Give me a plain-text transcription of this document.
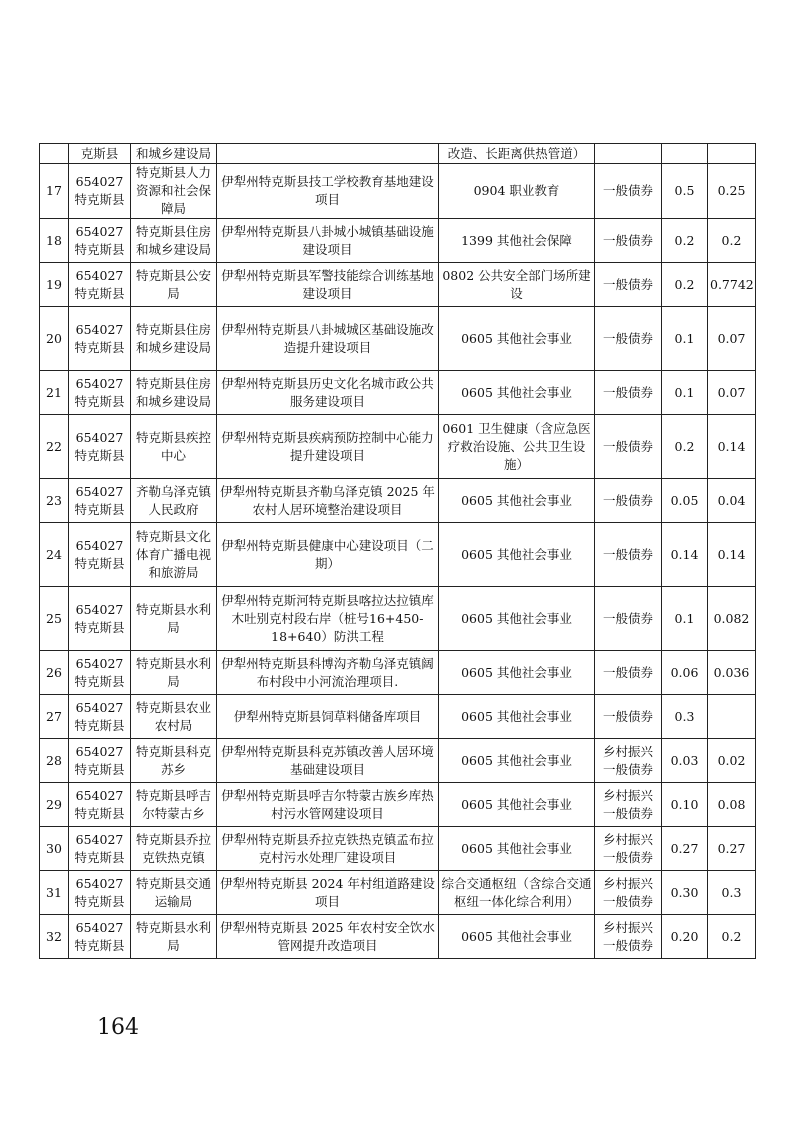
	克斯县	和城乡建设局		改造、长距离供热管道）			
17	654027 特克斯县	特克斯县人力资源和社会保障局	伊犁州特克斯县技工学校教育基地建设项目	0904 职业教育	一般债券	0.5	0.25
18	654027 特克斯县	特克斯县住房和城乡建设局	伊犁州特克斯县八卦城小城镇基础设施建设项目	1399 其他社会保障	一般债券	0.2	0.2
19	654027 特克斯县	特克斯县公安局	伊犁州特克斯县军警技能综合训练基地建设项目	0802 公共安全部门场所建设	一般债券	0.2	0.7742
20	654027 特克斯县	特克斯县住房和城乡建设局	伊犁州特克斯县八卦城城区基础设施改造提升建设项目	0605 其他社会事业	一般债券	0.1	0.07
21	654027 特克斯县	特克斯县住房和城乡建设局	伊犁州特克斯县历史文化名城市政公共服务建设项目	0605 其他社会事业	一般债券	0.1	0.07
22	654027 特克斯县	特克斯县疾控中心	伊犁州特克斯县疾病预防控制中心能力提升建设项目	0601 卫生健康（含应急医疗救治设施、公共卫生设施）	一般债券	0.2	0.14
23	654027 特克斯县	齐勒乌泽克镇人民政府	伊犁州特克斯县齐勒乌泽克镇 2025 年农村人居环境整治建设项目	0605 其他社会事业	一般债券	0.05	0.04
24	654027 特克斯县	特克斯县文化体育广播电视和旅游局	伊犁州特克斯县健康中心建设项目（二期）	0605 其他社会事业	一般债券	0.14	0.14
25	654027 特克斯县	特克斯县水利局	伊犁州特克斯河特克斯县喀拉达拉镇库木吐别克村段右岸（桩号16+450-18+640）防洪工程	0605 其他社会事业	一般债券	0.1	0.082
26	654027 特克斯县	特克斯县水利局	伊犁州特克斯县科博沟齐勒乌泽克镇阔布村段中小河流治理项目.	0605 其他社会事业	一般债券	0.06	0.036
27	654027 特克斯县	特克斯县农业农村局	伊犁州特克斯县饲草料储备库项目	0605 其他社会事业	一般债券	0.3	
28	654027 特克斯县	特克斯县科克苏乡	伊犁州特克斯县科克苏镇改善人居环境基础建设项目	0605 其他社会事业	乡村振兴一般债券	0.03	0.02
29	654027 特克斯县	特克斯县呼吉尔特蒙古乡	伊犁州特克斯县呼吉尔特蒙古族乡库热村污水管网建设项目	0605 其他社会事业	乡村振兴一般债券	0.10	0.08
30	654027 特克斯县	特克斯县乔拉克铁热克镇	伊犁州特克斯县乔拉克铁热克镇孟布拉克村污水处理厂建设项目	0605 其他社会事业	乡村振兴一般债券	0.27	0.27
31	654027 特克斯县	特克斯县交通运输局	伊犁州特克斯县 2024 年村组道路建设项目	综合交通枢纽（含综合交通枢纽一体化综合利用）	乡村振兴一般债券	0.30	0.3
32	654027 特克斯县	特克斯县水利局	伊犁州特克斯县 2025 年农村安全饮水管网提升改造项目	0605 其他社会事业	乡村振兴一般债券	0.20	0.2
164
